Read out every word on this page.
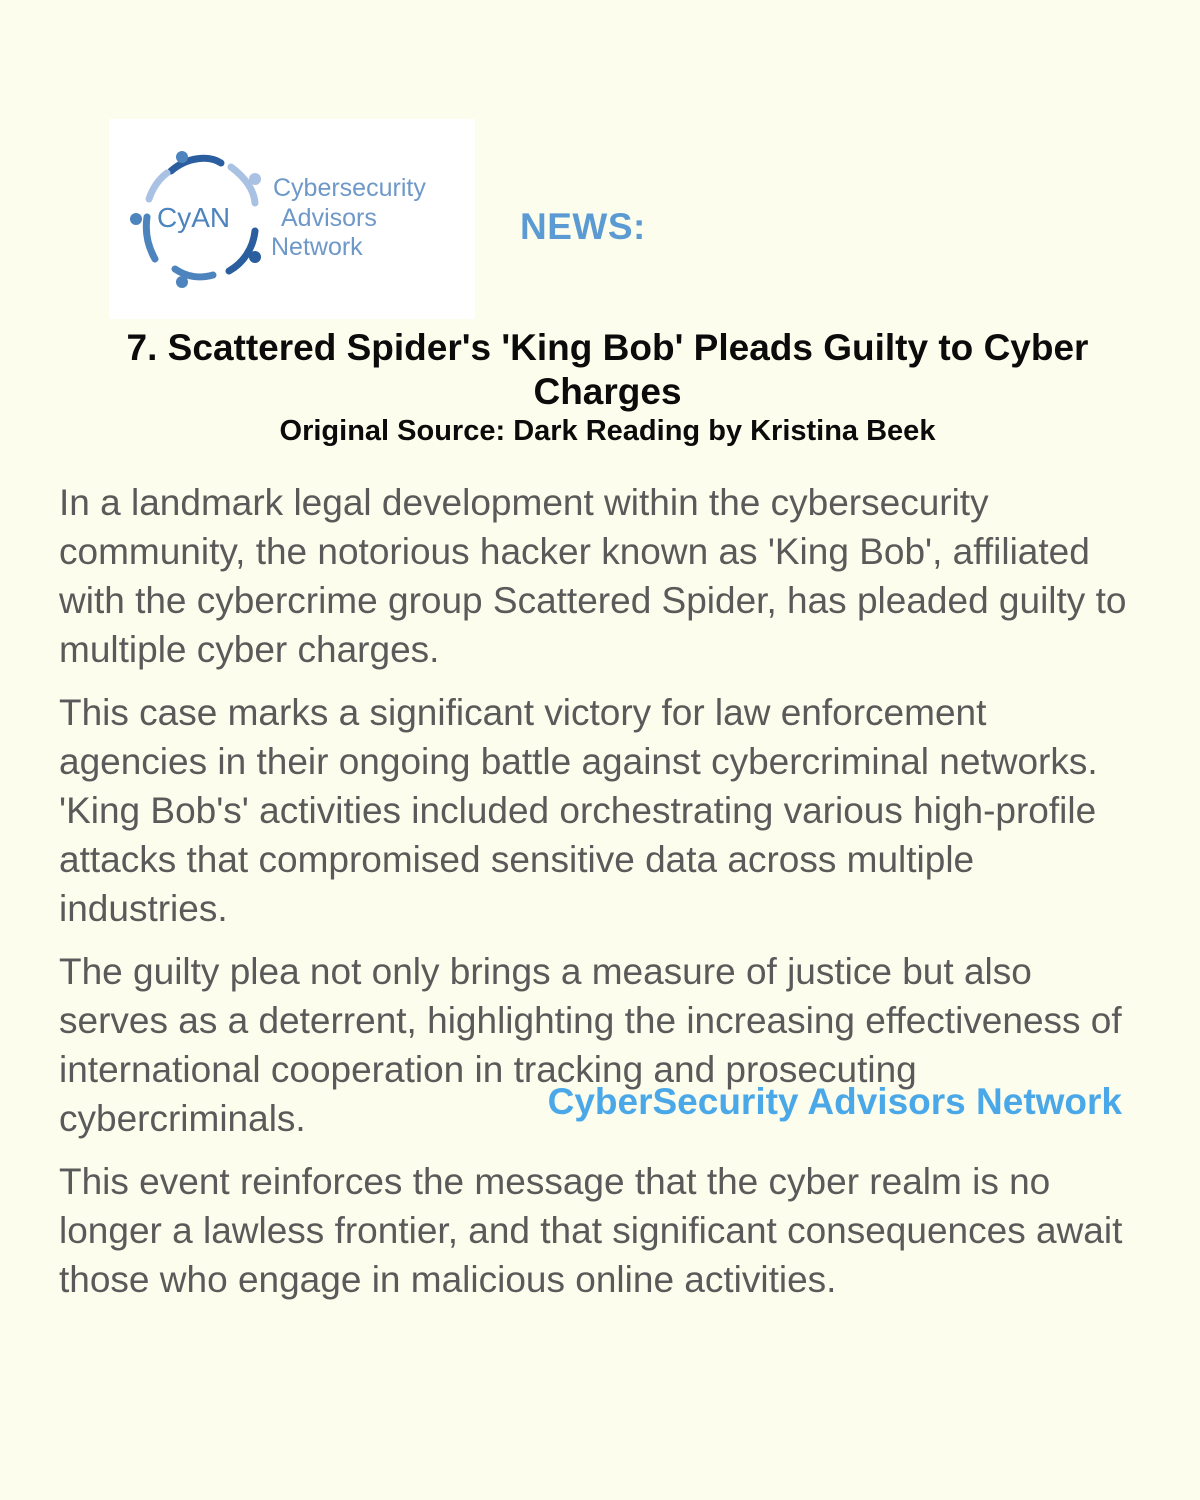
CyAN
Cybersecurity
Advisors
Network	NEWS:
7. Scattered Spider's 'King Bob' Pleads Guilty to Cyber Charges
Original Source: Dark Reading by Kristina Beek

In a landmark legal development within the cybersecurity community, the notorious hacker known as 'King Bob', affiliated with the cybercrime group Scattered Spider, has pleaded guilty to multiple cyber charges.

This case marks a significant victory for law enforcement agencies in their ongoing battle against cybercriminal networks. 'King Bob's' activities included orchestrating various high-profile attacks that compromised sensitive data across multiple industries.

The guilty plea not only brings a measure of justice but also serves as a deterrent, highlighting the increasing effectiveness of international cooperation in tracking and prosecuting cybercriminals.

This event reinforces the message that the cyber realm is no longer a lawless frontier, and that significant consequences await those who engage in malicious online activities.

CyberSecurity Advisors Network
